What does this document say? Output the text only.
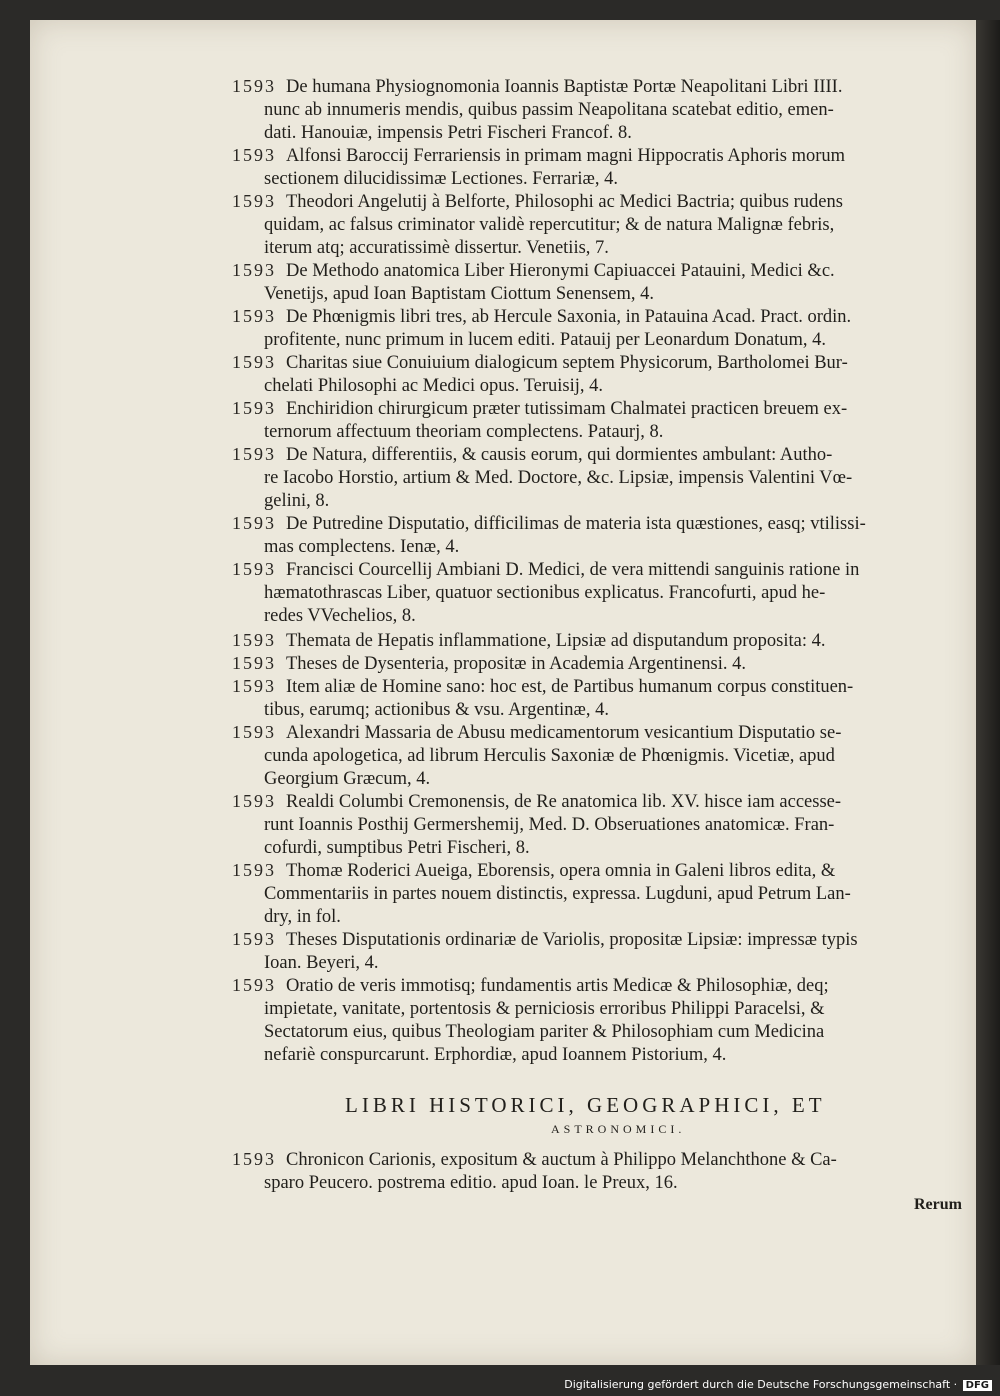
1593 De humana Physiognomonia Ioannis Baptistæ Portæ Neapolitani Libri IIII.
nunc ab innumeris mendis, quibus passim Neapolitana scatebat editio, emen-
dati. Hanouiæ, impensis Petri Fischeri Francof. 8.
1593 Alfonsi Baroccij Ferrariensis in primam magni Hippocratis Aphoris morum
sectionem dilucidissimæ Lectiones. Ferrariæ, 4.
1593 Theodori Angelutij à Belforte, Philosophi ac Medici Bactria; quibus rudens
quidam, ac falsus criminator validè repercutitur; & de natura Malignæ febris,
iterum atq; accuratissimè dissertur. Venetiis, 7.
1593 De Methodo anatomica Liber Hieronymi Capiuaccei Patauini, Medici &c.
Venetijs, apud Ioan Baptistam Ciottum Senensem, 4.
1593 De Phœnigmis libri tres, ab Hercule Saxonia, in Patauina Acad. Pract. ordin.
profitente, nunc primum in lucem editi. Patauij per Leonardum Donatum, 4.
1593 Charitas siue Conuiuium dialogicum septem Physicorum, Bartholomei Bur-
chelati Philosophi ac Medici opus. Teruisij, 4.
1593 Enchiridion chirurgicum præter tutissimam Chalmatei practicen breuem ex-
ternorum affectuum theoriam complectens. Pataurj, 8.
1593 De Natura, differentiis, & causis eorum, qui dormientes ambulant: Autho-
re Iacobo Horstio, artium & Med. Doctore, &c. Lipsiæ, impensis Valentini Vœ-
gelini, 8.
1593 De Putredine Disputatio, difficilimas de materia ista quæstiones, easq; vtilissi-
mas complectens. Ienæ, 4.
1593 Francisci Courcellij Ambiani D. Medici, de vera mittendi sanguinis ratione in
hæmatothrascas Liber, quatuor sectionibus explicatus. Francofurti, apud he-
redes VVechelios, 8.
1593 Themata de Hepatis inflammatione, Lipsiæ ad disputandum proposita: 4.
1593 Theses de Dysenteria, propositæ in Academia Argentinensi. 4.
1593 Item aliæ de Homine sano: hoc est, de Partibus humanum corpus constituen-
tibus, earumq; actionibus & vsu. Argentinæ, 4.
1593 Alexandri Massaria de Abusu medicamentorum vesicantium Disputatio se-
cunda apologetica, ad librum Herculis Saxoniæ de Phœnigmis. Vicetiæ, apud
Georgium Græcum, 4.
1593 Realdi Columbi Cremonensis, de Re anatomica lib. XV. hisce iam accesse-
runt Ioannis Posthij Germershemij, Med. D. Obseruationes anatomicæ. Fran-
cofurdi, sumptibus Petri Fischeri, 8.
1593 Thomæ Roderici Aueiga, Eborensis, opera omnia in Galeni libros edita, &
Commentariis in partes nouem distinctis, expressa. Lugduni, apud Petrum Lan-
dry, in fol.
1593 Theses Disputationis ordinariæ de Variolis, propositæ Lipsiæ: impressæ typis
Ioan. Beyeri, 4.
1593 Oratio de veris immotisq; fundamentis artis Medicæ & Philosophiæ, deq;
impietate, vanitate, portentosis & perniciosis erroribus Philippi Paracelsi, &
Sectatorum eius, quibus Theologiam pariter & Philosophiam cum Medicina
nefariè conspurcarunt. Erphordiæ, apud Ioannem Pistorium, 4.
LIBRI HISTORICI, GEOGRAPHICI, ET
ASTRONOMICI.
1593 Chronicon Carionis, expositum & auctum à Philippo Melanchthone & Ca-
sparo Peucero. postrema editio. apud Ioan. le Preux, 16.
Rerum
Digitalisierung gefördert durch die Deutsche Forschungsgemeinschaft · DFG
